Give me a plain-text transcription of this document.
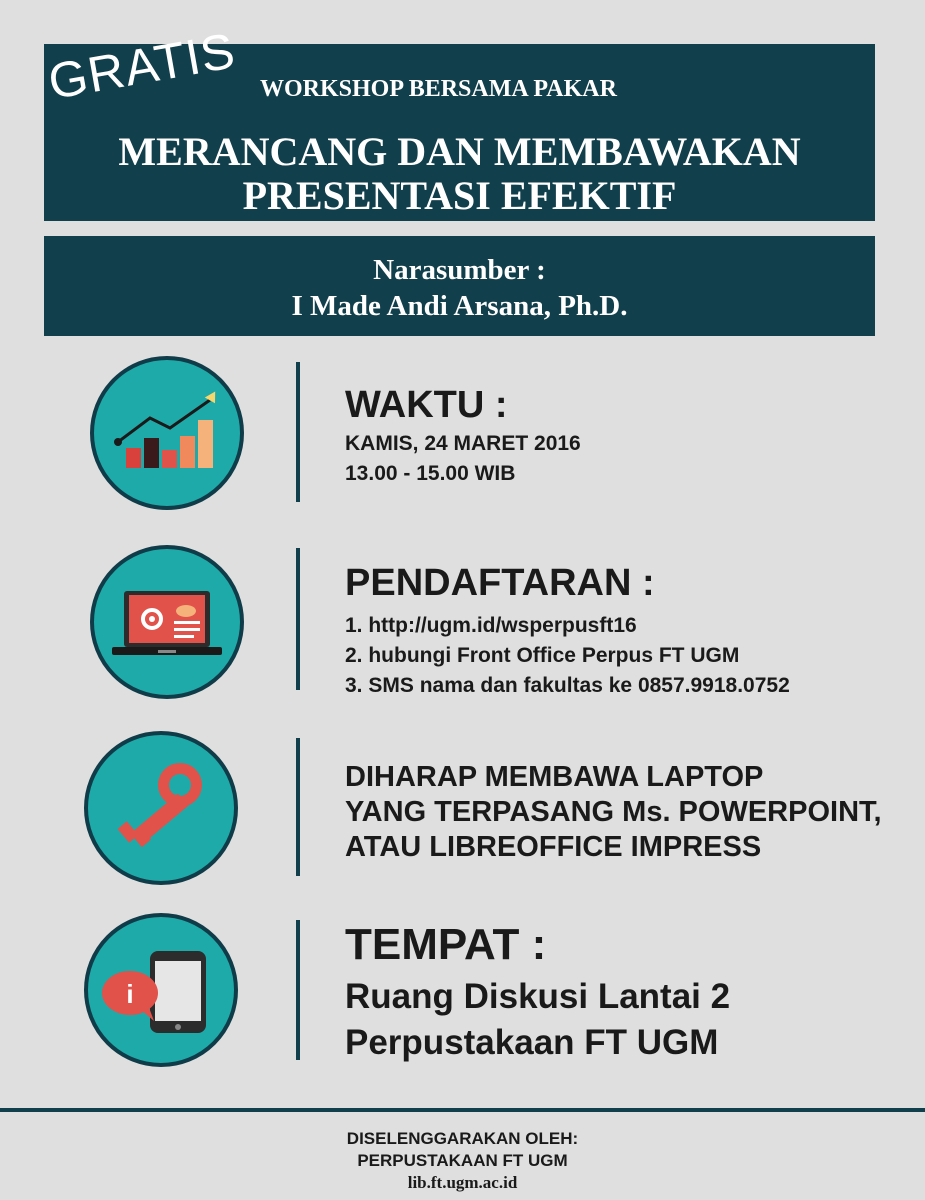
GRATIS WORKSHOP BERSAMA PAKAR
MERANCANG DAN MEMBAWAKAN
PRESENTASI EFEKTIF
Narasumber :
I Made Andi Arsana, Ph.D.
WAKTU :
KAMIS, 24 MARET 2016
13.00 - 15.00 WIB
PENDAFTARAN :
1. http://ugm.id/wsperpusft16
2. hubungi Front Office Perpus FT UGM
3. SMS nama dan fakultas ke 0857.9918.0752
DIHARAP MEMBAWA LAPTOP
YANG TERPASANG Ms. POWERPOINT,
ATAU LIBREOFFICE IMPRESS
i
TEMPAT :
Ruang Diskusi Lantai 2
Perpustakaan FT UGM
DISELENGGARAKAN OLEH:
PERPUSTAKAAN FT UGM
lib.ft.ugm.ac.id
